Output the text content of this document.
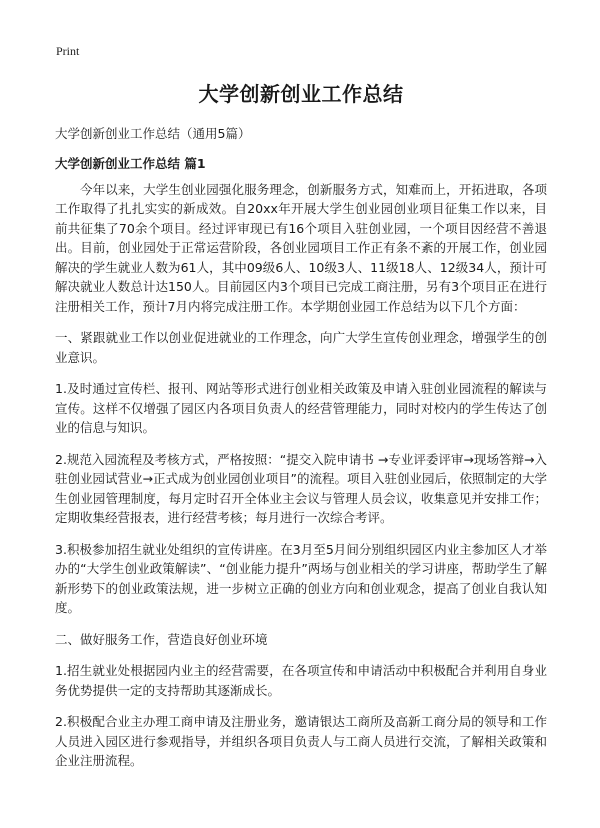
Print
大学创新创业工作总结
大学创新创业工作总结（通用5篇）
大学创新创业工作总结 篇1

今年以来，大学生创业园强化服务理念，创新服务方式，知难而上，开拓进取，各项工作取得了扎扎实实的新成效。自20xx年开展大学生创业园创业项目征集工作以来，目前共征集了70余个项目。经过评审现已有16个项目入驻创业园，一个项目因经营不善退出。目前，创业园处于正常运营阶段，各创业园项目工作正有条不紊的开展工作，创业园解决的学生就业人数为61人，其中09级6人、10级3人、11级18人、12级34人，预计可解决就业人数总计达150人。目前园区内3个项目已完成工商注册，另有3个项目正在进行注册相关工作，预计7月内将完成注册工作。本学期创业园工作总结为以下几个方面：

一、紧跟就业工作以创业促进就业的工作理念，向广大学生宣传创业理念，增强学生的创业意识。

1.及时通过宣传栏、报刊、网站等形式进行创业相关政策及申请入驻创业园流程的解读与宣传。这样不仅增强了园区内各项目负责人的经营管理能力，同时对校内的学生传达了创业的信息与知识。

2.规范入园流程及考核方式，严格按照：“提交入院申请书 →专业评委评审→现场答辩→入驻创业园试营业→正式成为创业园创业项目”的流程。项目入驻创业园后，依照制定的大学生创业园管理制度，每月定时召开全体业主会议与管理人员会议，收集意见并安排工作；定期收集经营报表，进行经营考核；每月进行一次综合考评。

3.积极参加招生就业处组织的宣传讲座。在3月至5月间分别组织园区内业主参加区人才举办的“大学生创业政策解读”、“创业能力提升”两场与创业相关的学习讲座，帮助学生了解新形势下的创业政策法规，进一步树立正确的创业方向和创业观念，提高了创业自我认知度。

二、做好服务工作，营造良好创业环境

1.招生就业处根据园内业主的经营需要，在各项宣传和申请活动中积极配合并利用自身业务优势提供一定的支持帮助其逐渐成长。

2.积极配合业主办理工商申请及注册业务，邀请银达工商所及高新工商分局的领导和工作人员进入园区进行参观指导，并组织各项目负责人与工商人员进行交流，了解相关政策和企业注册流程。
